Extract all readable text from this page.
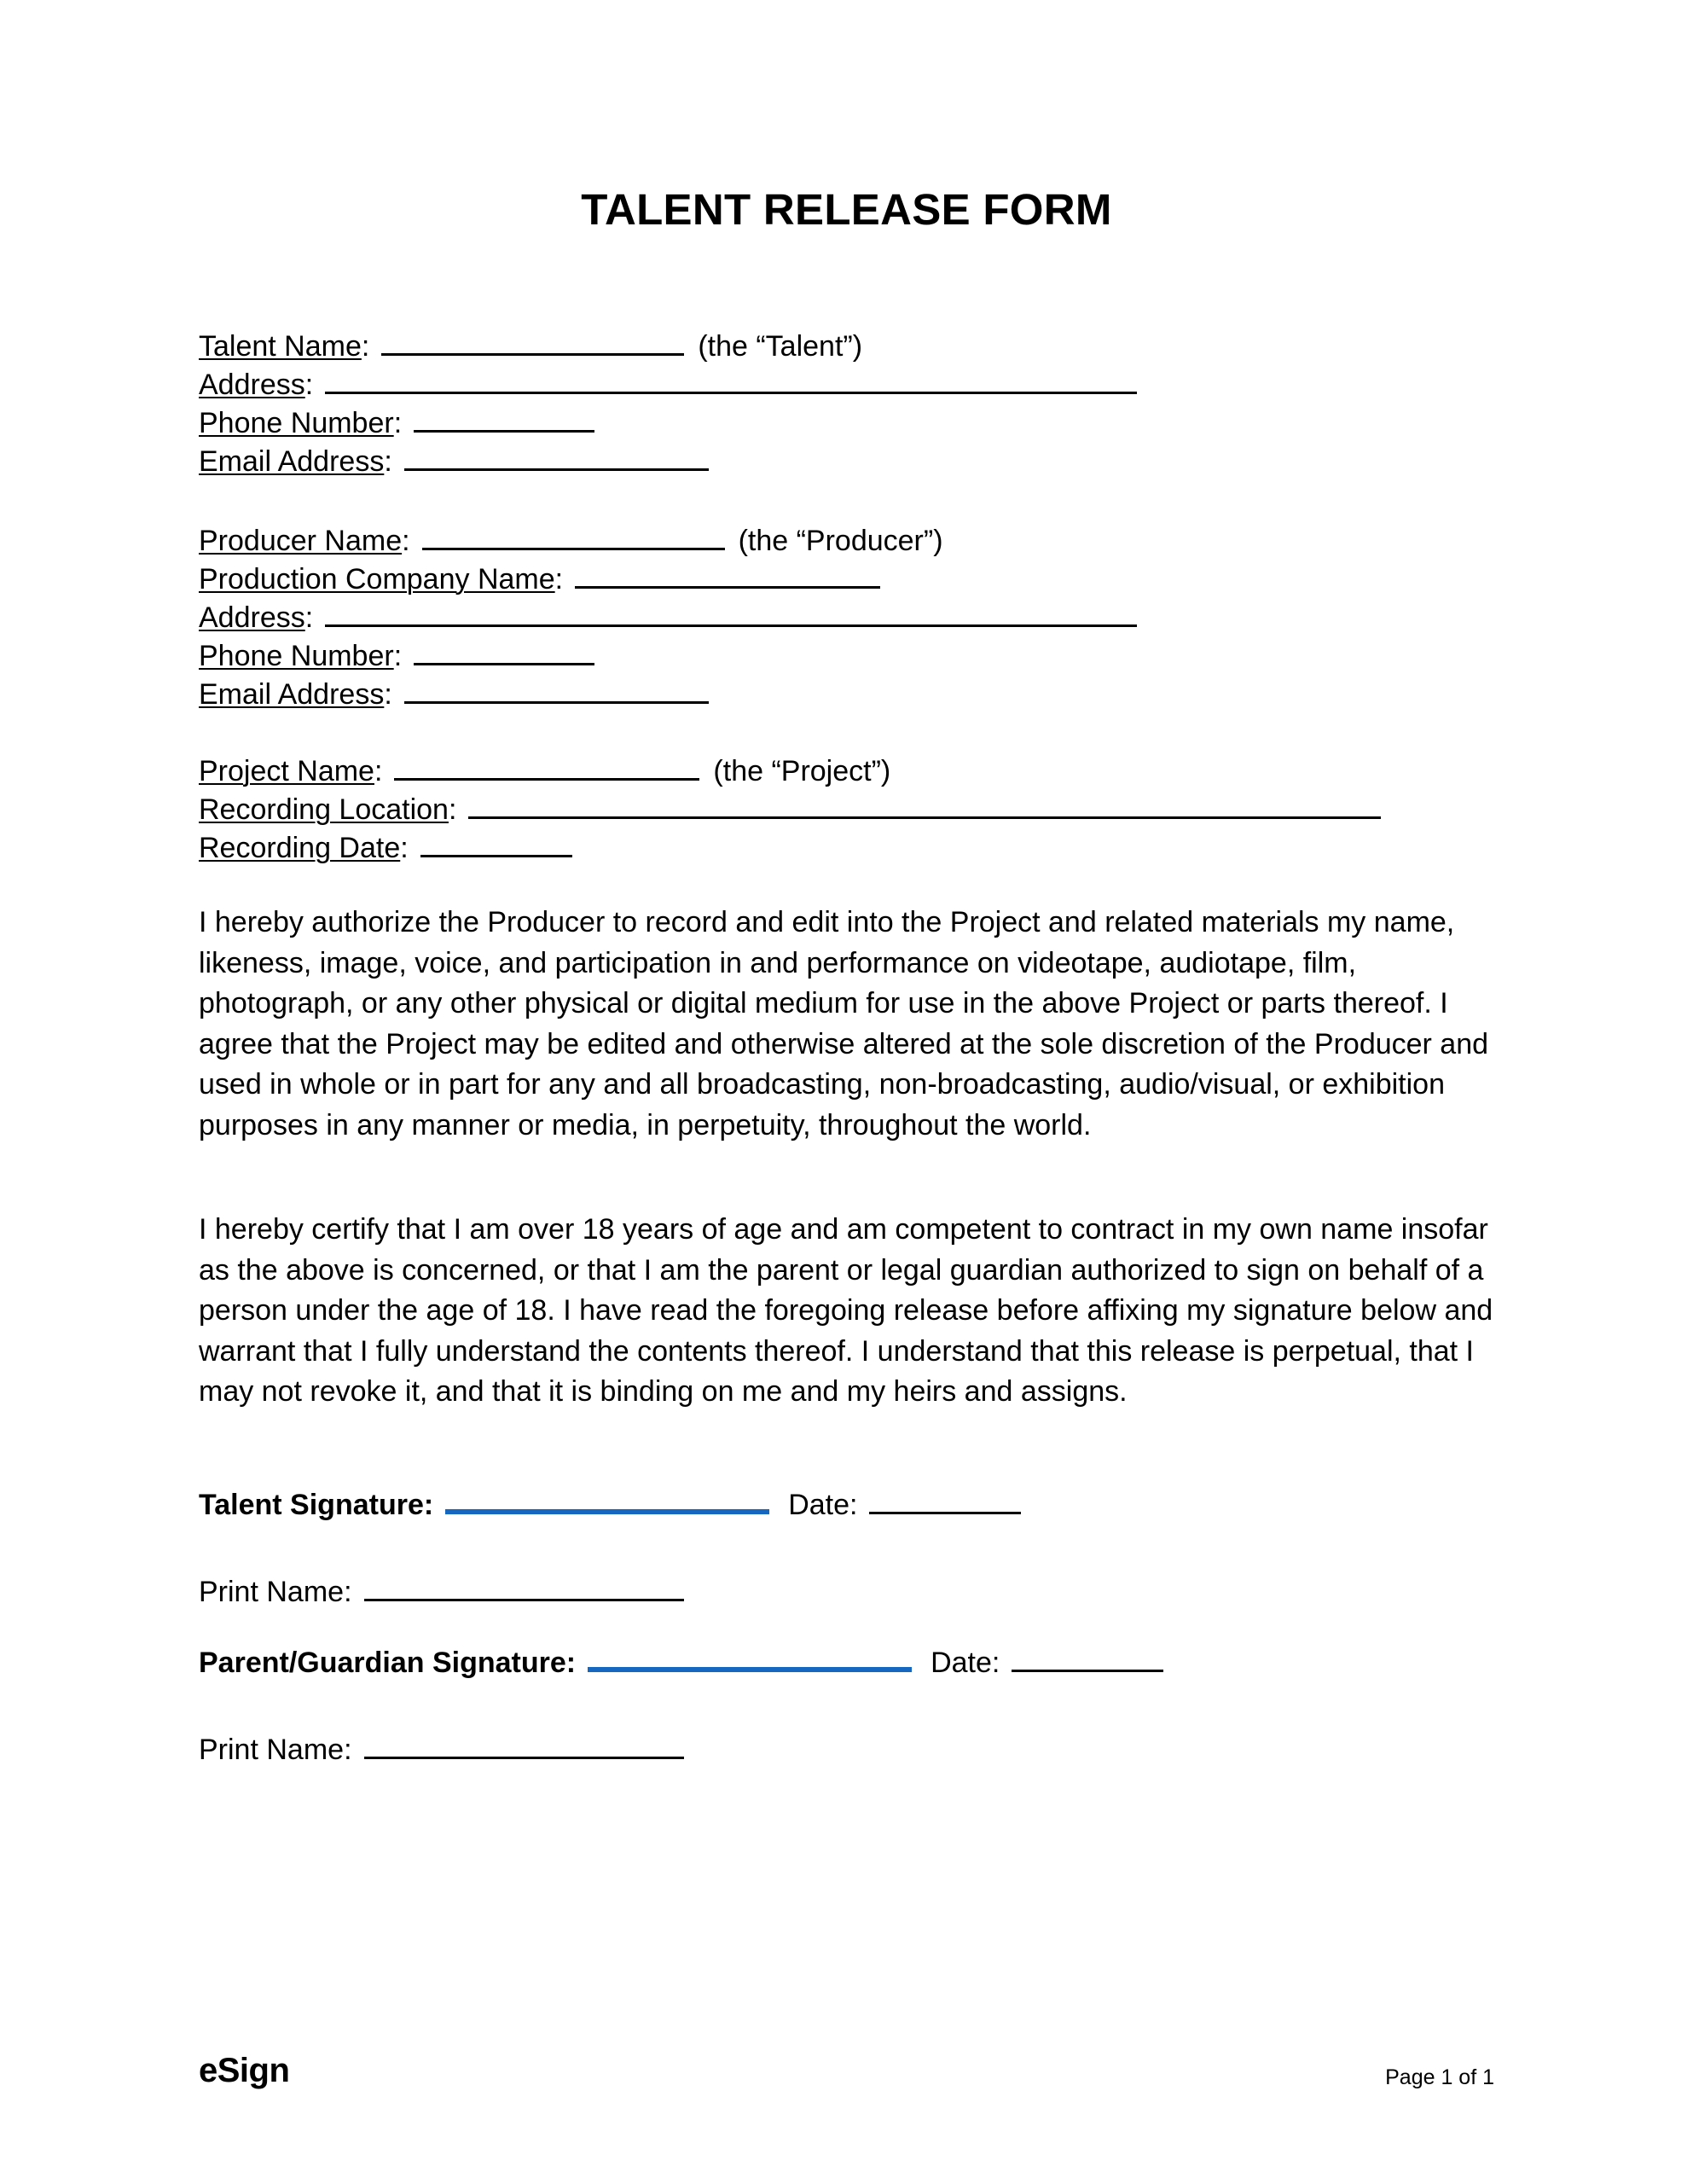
TALENT RELEASE FORM
Talent Name:	(the “Talent”)
Address:
Phone Number:
Email Address:
Producer Name:	(the “Producer”)
Production Company Name:
Address:
Phone Number:
Email Address:
Project Name:	(the “Project”)
Recording Location:
Recording Date:
I hereby authorize the Producer to record and edit into the Project and related materials my name, likeness, image, voice, and participation in and performance on videotape, audiotape, film, photograph, or any other physical or digital medium for use in the above Project or parts thereof. I agree that the Project may be edited and otherwise altered at the sole discretion of the Producer and used in whole or in part for any and all broadcasting, non-broadcasting, audio/visual, or exhibition purposes in any manner or media, in perpetuity, throughout the world.
I hereby certify that I am over 18 years of age and am competent to contract in my own name insofar as the above is concerned, or that I am the parent or legal guardian authorized to sign on behalf of a person under the age of 18. I have read the foregoing release before affixing my signature below and warrant that I fully understand the contents thereof. I understand that this release is perpetual, that I may not revoke it, and that it is binding on me and my heirs and assigns.
Talent Signature:	Date:
Print Name:
Parent/Guardian Signature:	Date:
Print Name:
eSign	Page 1 of 1
